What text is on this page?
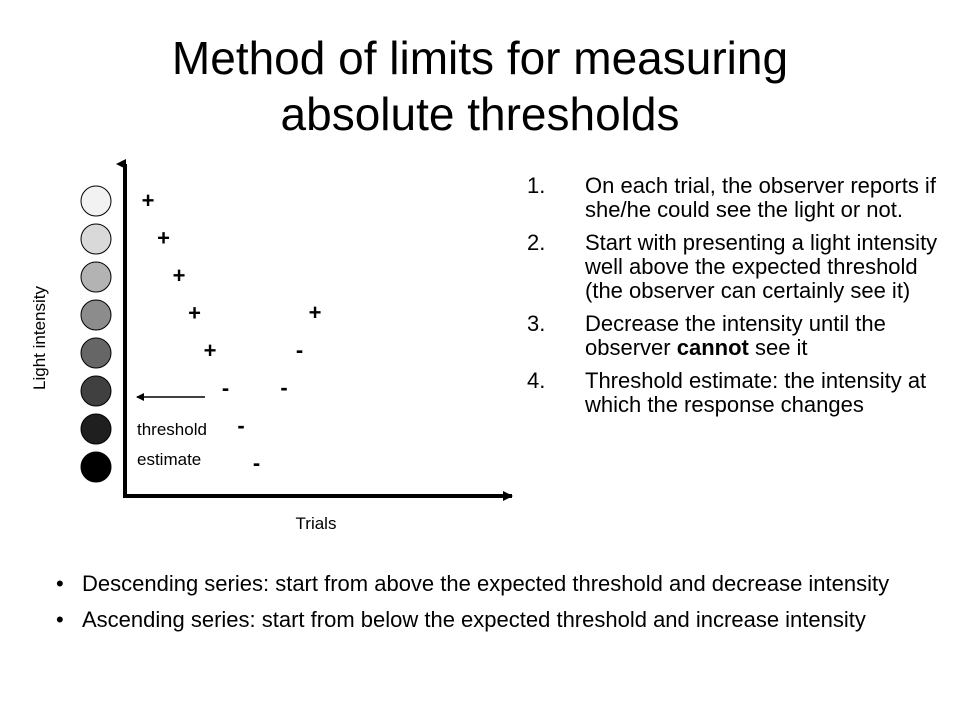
Method of limits for measuring
absolute thresholds
+
+
+
+
+
-
-
-
+
-
-
threshold
estimate
Light intensity
Trials
1. On each trial, the observer reports if she/he could see the light or not.
2. Start with presenting a light intensity well above the expected threshold (the observer can certainly see it)
3. Decrease the intensity until the observer cannot see it
4. Threshold estimate: the intensity at which the response changes
• Descending series: start from above the expected threshold and decrease intensity
• Ascending series: start from below the expected threshold and increase intensity
